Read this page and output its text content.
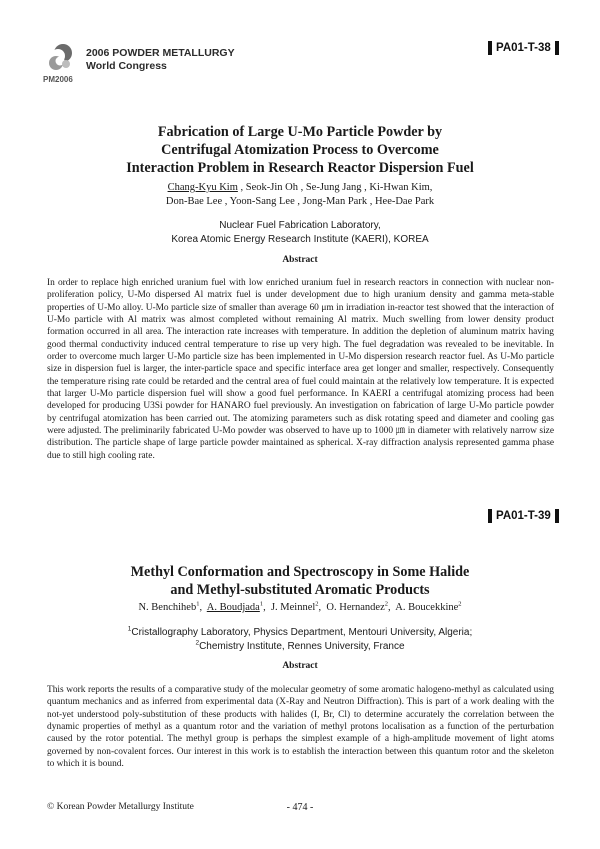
PM2006
2006 POWDER METALLURGY
World Congress
PA01-T-38
Fabrication of Large U-Mo Particle Powder by
Centrifugal Atomization Process to Overcome
Interaction Problem in Research Reactor Dispersion Fuel
Chang-Kyu Kim , Seok-Jin Oh , Se-Jung Jang , Ki-Hwan Kim,
Don-Bae Lee , Yoon-Sang Lee , Jong-Man Park , Hee-Dae Park
Nuclear Fuel Fabrication Laboratory,
Korea Atomic Energy Research Institute (KAERI), KOREA
Abstract
In order to replace high enriched uranium fuel with low enriched uranium fuel in research reactors in connection with nuclear non-proliferation policy, U-Mo dispersed Al matrix fuel is under development due to high uranium density and gamma meta-stable properties of U-Mo alloy. U-Mo particle size of smaller than average 60 μm in irradiation in-reactor test showed that the interaction of U-Mo particle with Al matrix was almost completed without remaining Al matrix. Much swelling from lower density product formation occurred in all area. The interaction rate increases with temperature. In addition the depletion of aluminum matrix having good thermal conductivity induced central temperature to rise up very high. The fuel degradation was revealed to be inevitable. In order to overcome much larger U-Mo particle size has been implemented in U-Mo dispersion research reactor fuel. As U-Mo particle size in dispersion fuel is larger, the inter-particle space and specific interface area get longer and smaller, respectively. Consequently the temperature rising rate could be retarded and the central area of fuel could maintain at the relatively low temperature. It is expected that larger U-Mo particle dispersion fuel will show a good fuel performance. In KAERI a centrifugal atomizing process had been developed for producing U3Si powder for HANARO fuel previously. An investigation on fabrication of large U-Mo particle powder by centrifugal atomization has been carried out. The atomizing parameters such as disk rotating speed and diameter and cooling gas were adjusted. The preliminarily fabricated U-Mo powder was observed to have up to 1000 ㎛ in diameter with relatively narrow size distribution. The particle shape of large particle powder maintained as spherical. X-ray diffraction analysis represented gamma phase due to still high cooling rate.
PA01-T-39
Methyl Conformation and Spectroscopy in Some Halide
and Methyl-substituted Aromatic Products
N. Benchiheb$^1$,  A. Boudjada$^1$,  J. Meinnel$^2$,  O. Hernandez$^2$,  A. Boucekkine$^2$
$^1$Cristallography Laboratory, Physics Department, Mentouri University, Algeria;
$^2$Chemistry Institute, Rennes University, France
Abstract
This work reports the results of a comparative study of the molecular geometry of some aromatic halogeno-methyl as calculated using quantum mechanics and as inferred from experimental data (X-Ray and Neutron Diffraction). This is part of a work dealing with the not-yet understood poly-substitution of these products with halides (I, Br, Cl) to determine accurately the correlation between the dynamic properties of methyl as a quantum rotor and the variation of methyl protons localisation as a function of the perturbation caused by the rotor potential. The methyl group is perhaps the simplest example of a high-amplitude movement of light atoms governed by non-covalent forces. Our interest in this work is to establish the interaction between this quantum rotor and the skeleton to which it is bound.
© Korean Powder Metallurgy Institute	- 474 -
